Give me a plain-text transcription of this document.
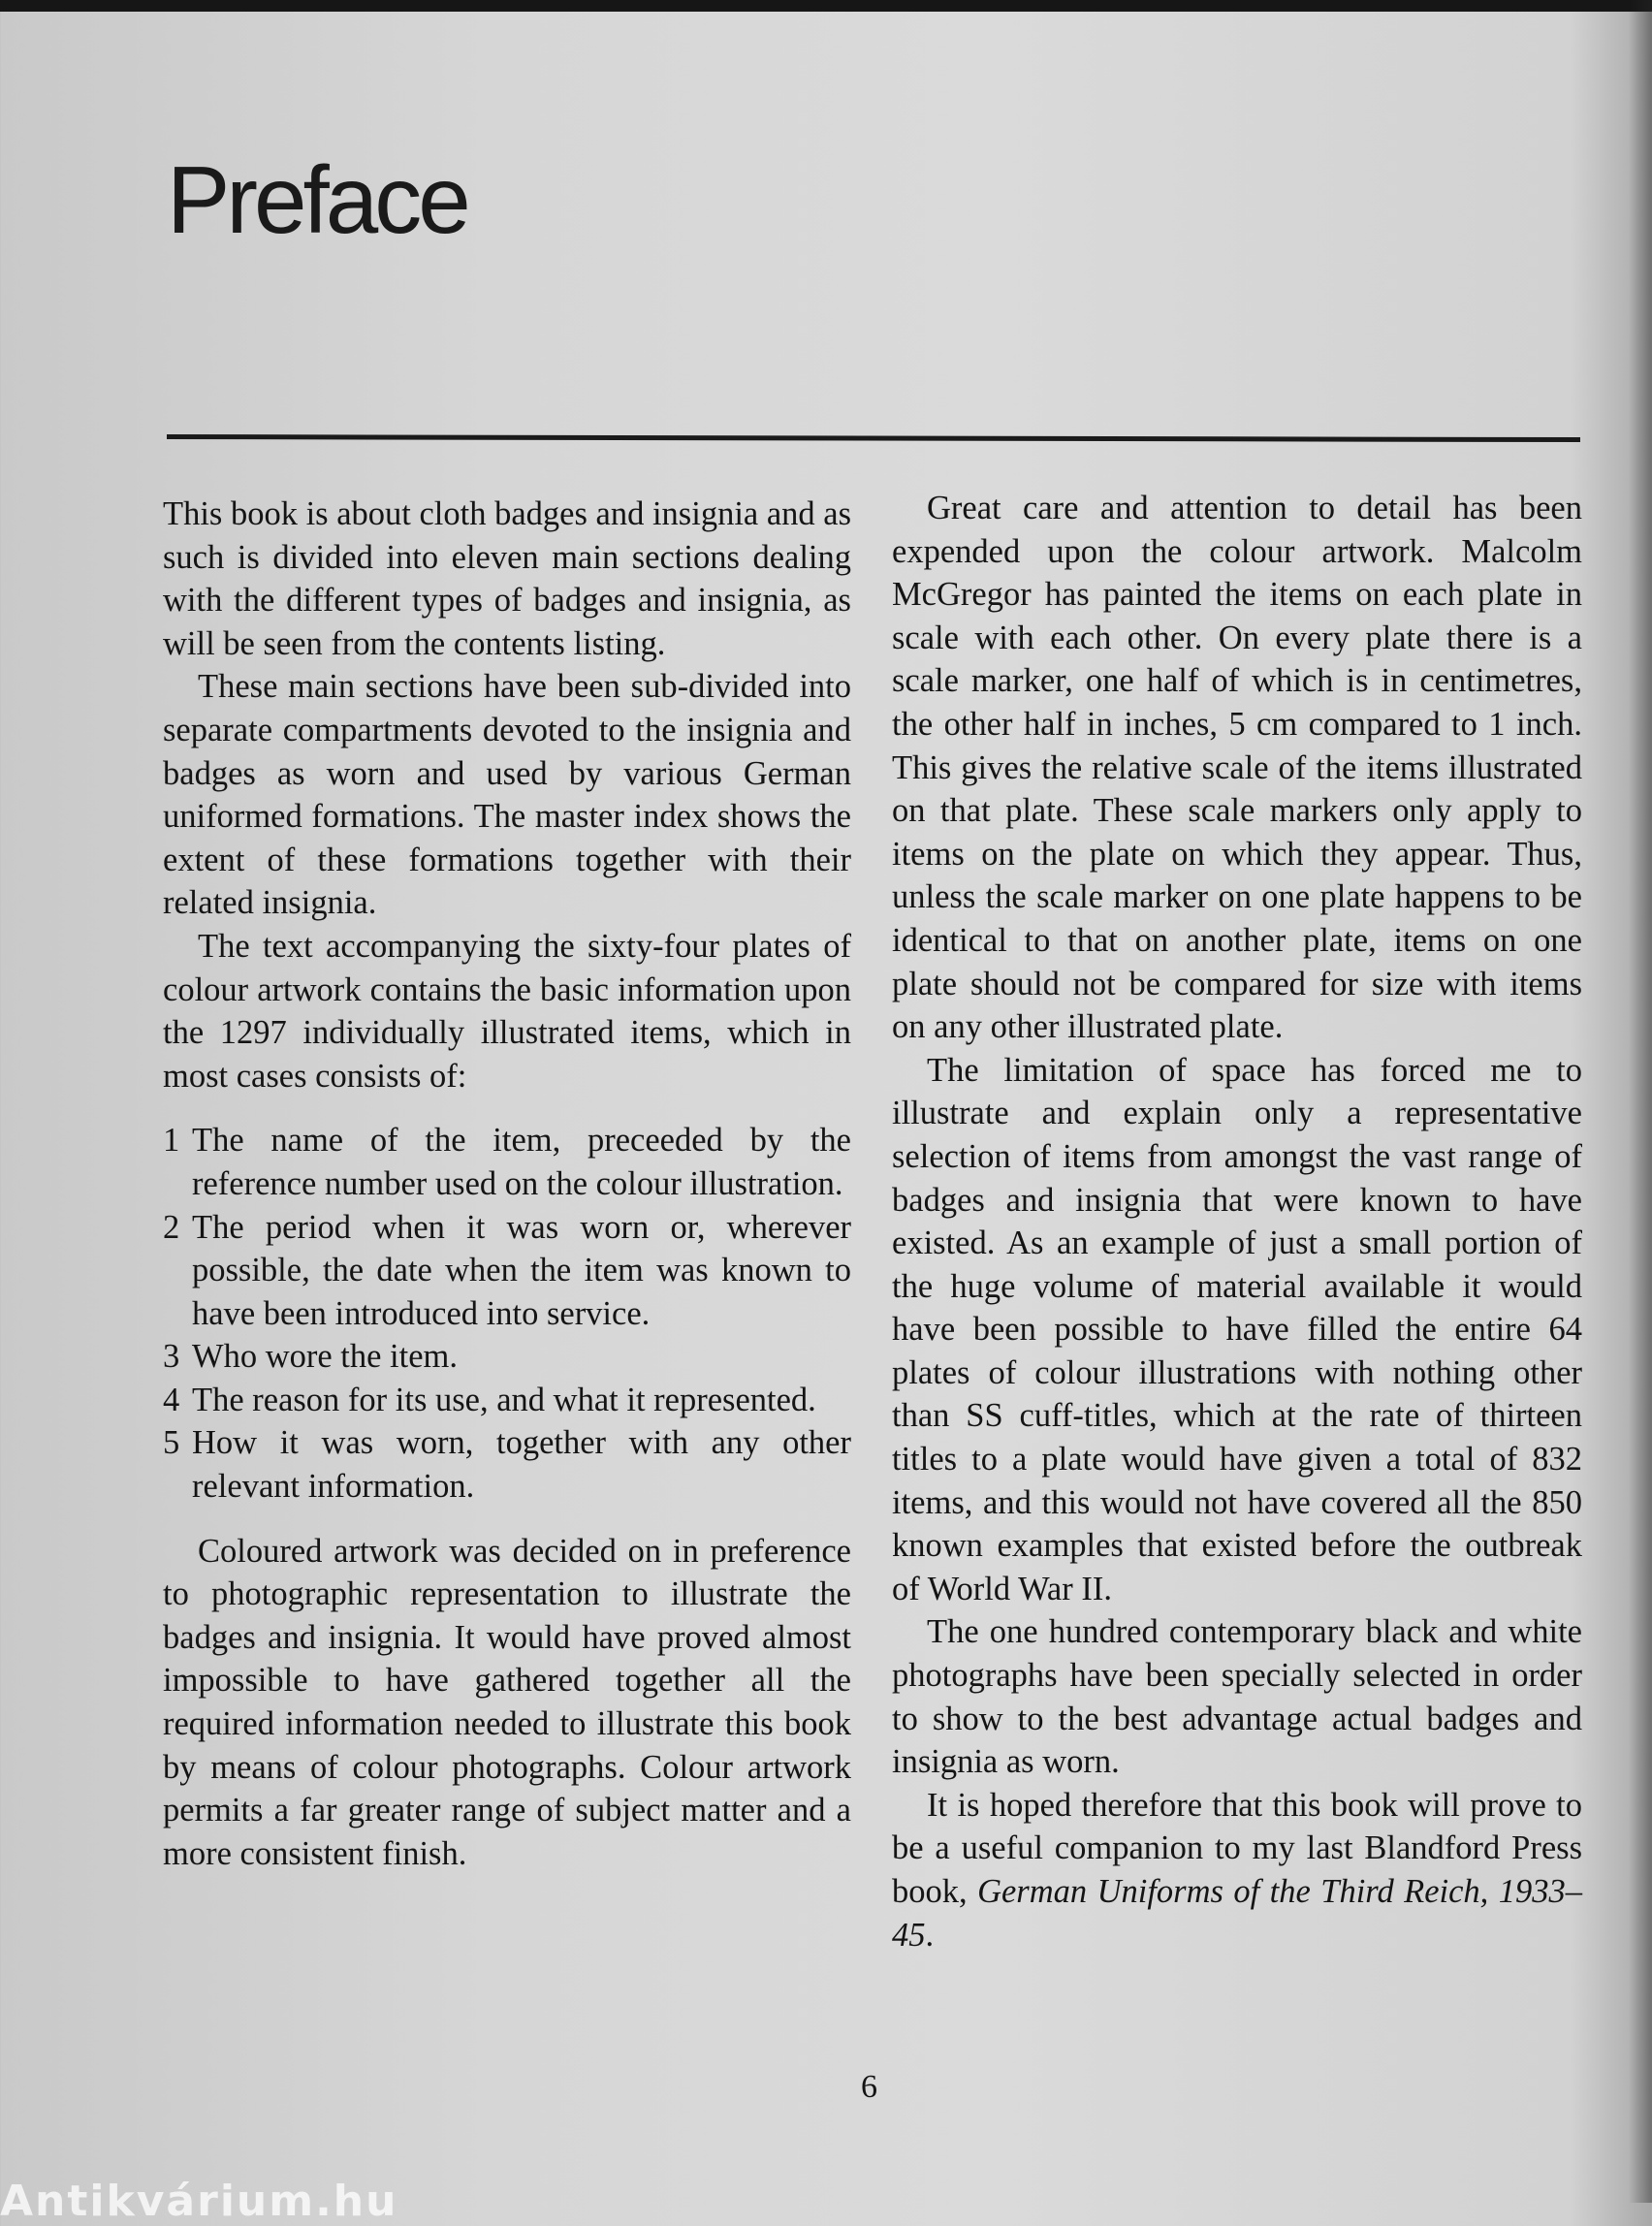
Preface

This book is about cloth badges and insignia and as such is divided into eleven main sections dealing with the different types of badges and insignia, as will be seen from the contents listing.

These main sections have been sub-divided into separate compartments devoted to the insignia and badges as worn and used by various German uniformed formations. The master index shows the extent of these formations together with their related insignia.

The text accompanying the sixty-four plates of colour artwork contains the basic information upon the 1297 individually illustrated items, which in most cases consists of:

1 The name of the item, preceeded by the reference number used on the colour illustration.
2 The period when it was worn or, wherever possible, the date when the item was known to have been introduced into service.
3 Who wore the item.
4 The reason for its use, and what it represented.
5 How it was worn, together with any other relevant information.

Coloured artwork was decided on in preference to photographic representation to illustrate the badges and insignia. It would have proved almost impossible to have gathered together all the required information needed to illustrate this book by means of colour photographs. Colour artwork permits a far greater range of subject matter and a more consistent finish.

Great care and attention to detail has been expended upon the colour artwork. Malcolm McGregor has painted the items on each plate in scale with each other. On every plate there is a scale marker, one half of which is in centimetres, the other half in inches, 5 cm compared to 1 inch. This gives the relative scale of the items illustrated on that plate. These scale markers only apply to items on the plate on which they appear. Thus, unless the scale marker on one plate happens to be identical to that on another plate, items on one plate should not be compared for size with items on any other illustrated plate.

The limitation of space has forced me to illustrate and explain only a representative selection of items from amongst the vast range of badges and insignia that were known to have existed. As an example of just a small portion of the huge volume of material available it would have been possible to have filled the entire 64 plates of colour illustrations with nothing other than SS cuff-titles, which at the rate of thirteen titles to a plate would have given a total of 832 items, and this would not have covered all the 850 known examples that existed before the outbreak of World War II.

The one hundred contemporary black and white photographs have been specially selected in order to show to the best advantage actual badges and insignia as worn.

It is hoped therefore that this book will prove to be a useful companion to my last Blandford Press book, German Uniforms of the Third Reich, 1933–45.

6
Antikvárium.hu
